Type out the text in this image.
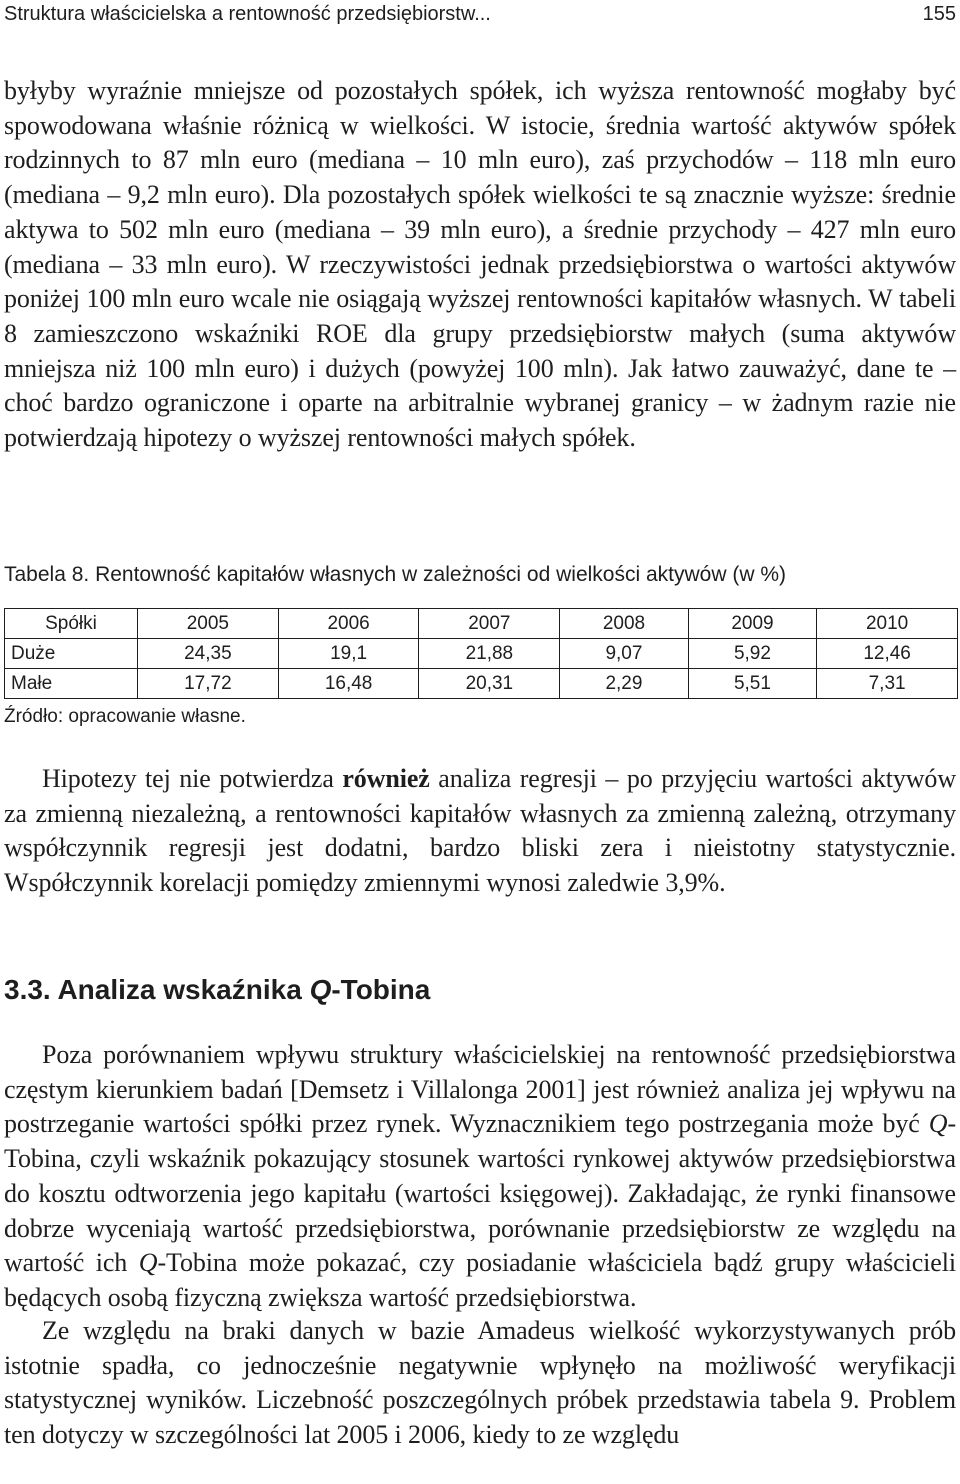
Struktura właścicielska a rentowność przedsiębiorstw...	155

byłyby wyraźnie mniejsze od pozostałych spółek, ich wyższa rentowność mogłaby być spowodowana właśnie różnicą w wielkości. W istocie, średnia wartość aktywów spółek rodzinnych to 87 mln euro (mediana – 10 mln euro), zaś przychodów – 118 mln euro (mediana – 9,2 mln euro). Dla pozostałych spółek wielkości te są znacznie wyższe: średnie aktywa to 502 mln euro (mediana – 39 mln euro), a średnie przychody – 427 mln euro (mediana – 33 mln euro). W rzeczywistości jednak przedsiębiorstwa o wartości aktywów poniżej 100 mln euro wcale nie osiągają wyższej rentowności kapitałów własnych. W tabeli 8 zamieszczono wskaźniki ROE dla grupy przedsiębiorstw małych (suma aktywów mniejsza niż 100 mln euro) i dużych (powyżej 100 mln). Jak łatwo zauważyć, dane te – choć bardzo ograniczone i oparte na arbitralnie wybranej granicy – w żadnym razie nie potwierdzają hipotezy o wyższej rentowności małych spółek.

Tabela 8. Rentowność kapitałów własnych w zależności od wielkości aktywów (w %)
Spółki	2005	2006	2007	2008	2009	2010
Duże	24,35	19,1	21,88	9,07	5,92	12,46
Małe	17,72	16,48	20,31	2,29	5,51	7,31
Źródło: opracowanie własne.

Hipotezy tej nie potwierdza również analiza regresji – po przyjęciu wartości aktywów za zmienną niezależną, a rentowności kapitałów własnych za zmienną zależną, otrzymany współczynnik regresji jest dodatni, bardzo bliski zera i nieistotny statystycznie. Współczynnik korelacji pomiędzy zmiennymi wynosi zaledwie 3,9%.

3.3. Analiza wskaźnika Q-Tobina

Poza porównaniem wpływu struktury właścicielskiej na rentowność przedsiębiorstwa częstym kierunkiem badań [Demsetz i Villalonga 2001] jest również analiza jej wpływu na postrzeganie wartości spółki przez rynek. Wyznacznikiem tego postrzegania może być Q-Tobina, czyli wskaźnik pokazujący stosunek wartości rynkowej aktywów przedsiębiorstwa do kosztu odtworzenia jego kapitału (wartości księgowej). Zakładając, że rynki finansowe dobrze wyceniają wartość przedsiębiorstwa, porównanie przedsiębiorstw ze względu na wartość ich Q-Tobina może pokazać, czy posiadanie właściciela bądź grupy właścicieli będących osobą fizyczną zwiększa wartość przedsiębiorstwa.

Ze względu na braki danych w bazie Amadeus wielkość wykorzystywanych prób istotnie spadła, co jednocześnie negatywnie wpłynęło na możliwość weryfikacji statystycznej wyników. Liczebność poszczególnych próbek przedstawia tabela 9. Problem ten dotyczy w szczególności lat 2005 i 2006, kiedy to ze względu
